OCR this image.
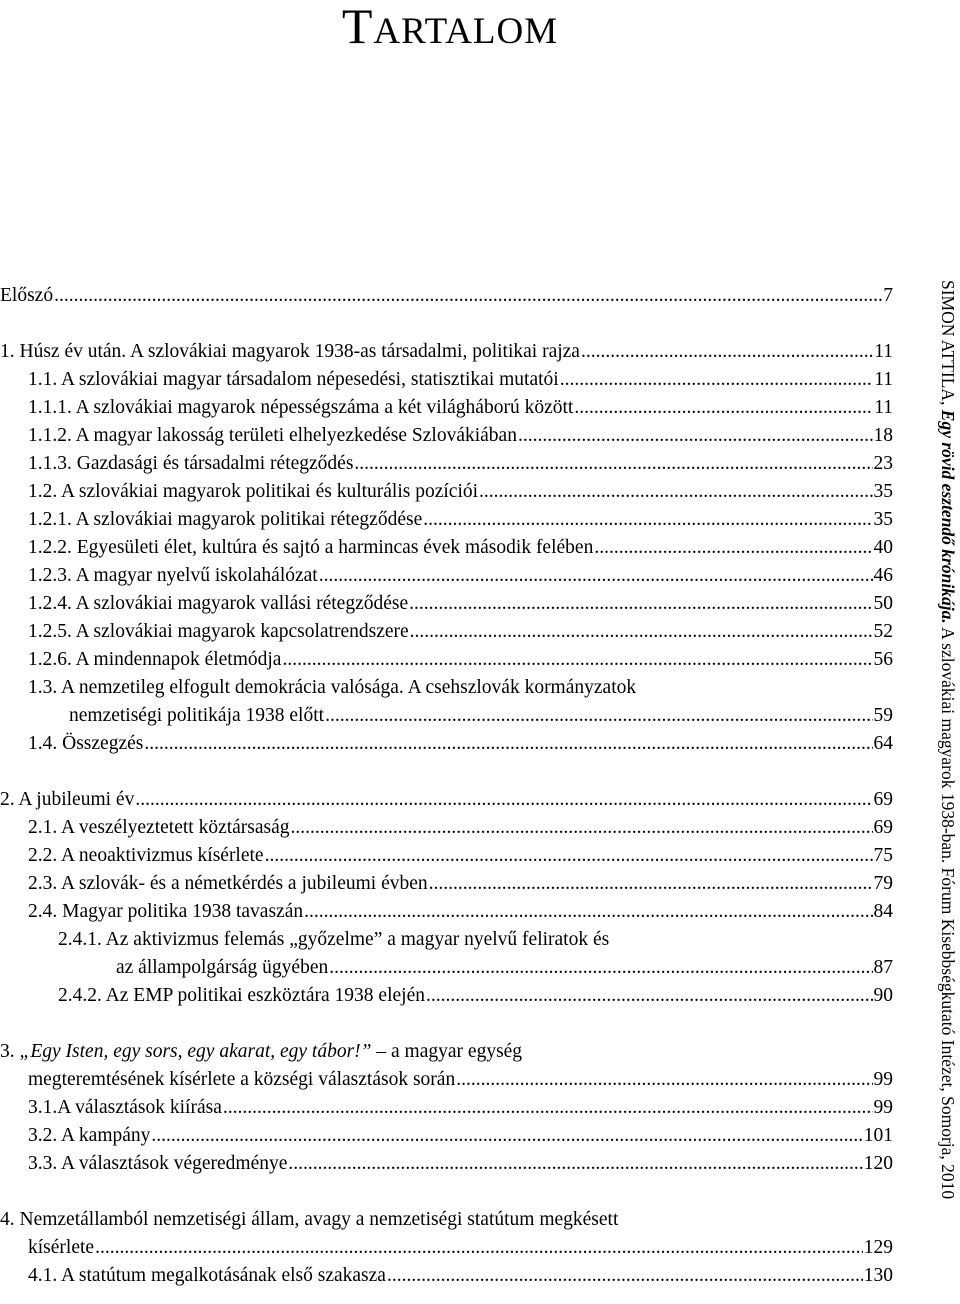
TARTALOM
Előszó .....	7
1. Húsz év után. A szlovákiai magyarok 1938-as társadalmi, politikai rajza .....	11
1.1. A szlovákiai magyar társadalom népesedési, statisztikai mutatói .....	11
1.1.1. A szlovákiai magyarok népességszáma a két világháború között .....	11
1.1.2. A magyar lakosság területi elhelyezkedése Szlovákiában .....	18
1.1.3. Gazdasági és társadalmi rétegződés .....	23
1.2. A szlovákiai magyarok politikai és kulturális pozíciói .....	35
1.2.1. A szlovákiai magyarok politikai rétegződése .....	35
1.2.2. Egyesületi élet, kultúra és sajtó a harmincas évek második felében .....	40
1.2.3. A magyar nyelvű iskolahálózat .....	46
1.2.4. A szlovákiai magyarok vallási rétegződése .....	50
1.2.5. A szlovákiai magyarok kapcsolatrendszere .....	52
1.2.6. A mindennapok életmódja .....	56
1.3. A nemzetileg elfogult demokrácia valósága. A csehszlovák kormányzatok
nemzetiségi politikája 1938 előtt .....	59
1.4. Összegzés .....	64
2. A jubileumi év .....	69
2.1. A veszélyeztetett köztársaság .....	69
2.2. A neoaktivizmus kísérlete .....	75
2.3. A szlovák- és a németkérdés a jubileumi évben .....	79
2.4. Magyar politika 1938 tavaszán .....	84
2.4.1. Az aktivizmus felemás „győzelme” a magyar nyelvű feliratok és
az állampolgárság ügyében .....	87
2.4.2. Az EMP politikai eszköztára 1938 elején .....	90
3. „Egy Isten, egy sors, egy akarat, egy tábor!” – a magyar egység
megteremtésének kísérlete a községi választások során .....	99
3.1.A választások kiírása .....	99
3.2. A kampány .....	101
3.3. A választások végeredménye .....	120
4. Nemzetállamból nemzetiségi állam, avagy a nemzetiségi statútum megkésett
kísérlete .....	129
4.1. A statútum megalkotásának első szakasza .....	130
SIMON ATTILA, Egy rövid esztendő krónikája. A szlovákiai magyarok 1938-ban. Fórum Kisebbségkutató Intézet, Somorja, 2010
